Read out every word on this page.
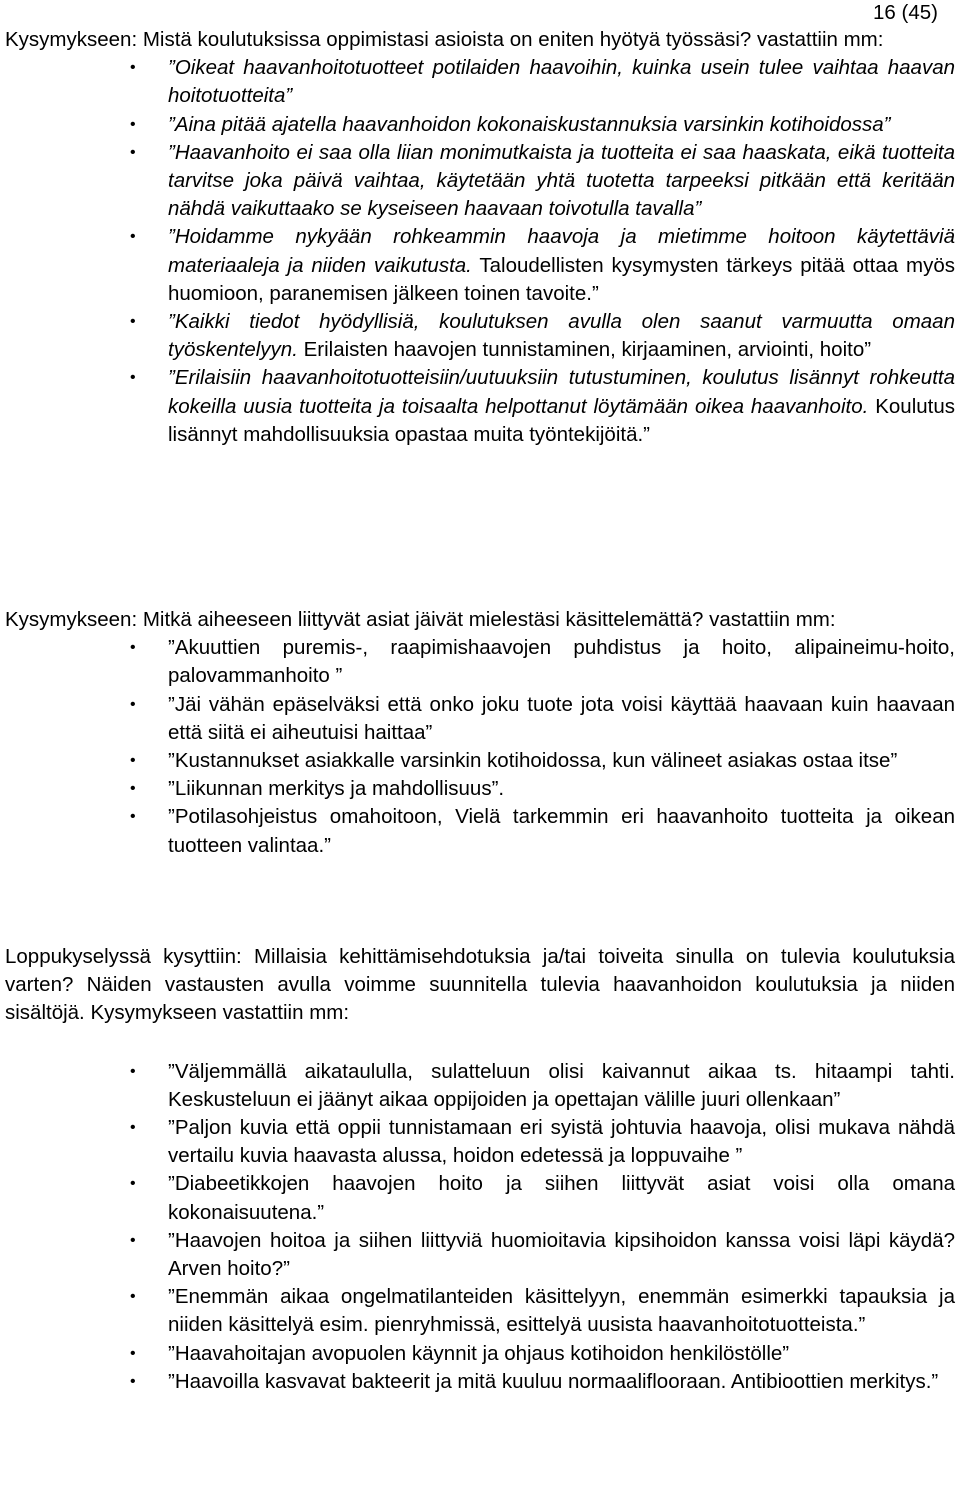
16 (45)

Kysymykseen: Mistä koulutuksissa oppimistasi asioista on eniten hyötyä työssäsi? vastattiin mm:

• ”Oikeat haavanhoitotuotteet potilaiden haavoihin, kuinka usein tulee vaihtaa haavan hoitotuotteita”
• ”Aina pitää ajatella haavanhoidon kokonaiskustannuksia varsinkin kotihoidossa”
• ”Haavanhoito ei saa olla liian monimutkaista ja tuotteita ei saa haaskata, eikä tuotteita tarvitse joka päivä vaihtaa, käytetään yhtä tuotetta tarpeeksi pitkään että keritään nähdä vaikuttaako se kyseiseen haavaan toivotulla tavalla”
• ”Hoidamme nykyään rohkeammin haavoja ja mietimme hoitoon käytettäviä materiaaleja ja niiden vaikutusta. Taloudellisten kysymysten tärkeys pitää ottaa myös huomioon, paranemisen jälkeen toinen tavoite.”
• ”Kaikki tiedot hyödyllisiä, koulutuksen avulla olen saanut varmuutta omaan työskentelyyn. Erilaisten haavojen tunnistaminen, kirjaaminen, arviointi, hoito”
• ”Erilaisiin haavanhoitotuotteisiin/uutuuksiin tutustuminen, koulutus lisännyt rohkeutta kokeilla uusia tuotteita ja toisaalta helpottanut löytämään oikea haavanhoito. Koulutus lisännyt mahdollisuuksia opastaa muita työntekijöitä.”

Kysymykseen: Mitkä aiheeseen liittyvät asiat jäivät mielestäsi käsittelemättä? vastattiin mm:

• ”Akuuttien puremis-, raapimishaavojen puhdistus ja hoito, alipaineimu-hoito, palovammanhoito ”
• ”Jäi vähän epäselväksi että onko joku tuote jota voisi käyttää haavaan kuin haavaan että siitä ei aiheutuisi haittaa”
• ”Kustannukset asiakkalle varsinkin kotihoidossa, kun välineet asiakas ostaa itse”
• ”Liikunnan merkitys ja mahdollisuus”.
• ”Potilasohjeistus omahoitoon, Vielä tarkemmin eri haavanhoito tuotteita ja oikean tuotteen valintaa.”

Loppukyselyssä kysyttiin: Millaisia kehittämisehdotuksia ja/tai toiveita sinulla on tulevia koulutuksia varten? Näiden vastausten avulla voimme suunnitella tulevia haavanhoidon koulutuksia ja niiden sisältöjä. Kysymykseen vastattiin mm:

• ”Väljemmällä aikataululla, sulatteluun olisi kaivannut aikaa ts. hitaampi tahti. Keskusteluun ei jäänyt aikaa oppijoiden ja opettajan välille juuri ollenkaan”
• ”Paljon kuvia että oppii tunnistamaan eri syistä johtuvia haavoja, olisi mukava nähdä vertailu kuvia haavasta alussa, hoidon edetessä ja loppuvaihe ”
• ”Diabeetikkojen haavojen hoito ja siihen liittyvät asiat voisi olla omana kokonaisuutena.”
• ”Haavojen hoitoa ja siihen liittyviä huomioitavia kipsihoidon kanssa voisi läpi käydä? Arven hoito?”
• ”Enemmän aikaa ongelmatilanteiden käsittelyyn, enemmän esimerkki tapauksia ja niiden käsittelyä esim. pienryhmissä, esittelyä uusista haavanhoitotuotteista.”
• ”Haavahoitajan avopuolen käynnit ja ohjaus kotihoidon henkilöstölle”
• ”Haavoilla kasvavat bakteerit ja mitä kuuluu normaaliflooraan. Antibioottien merkitys.”
